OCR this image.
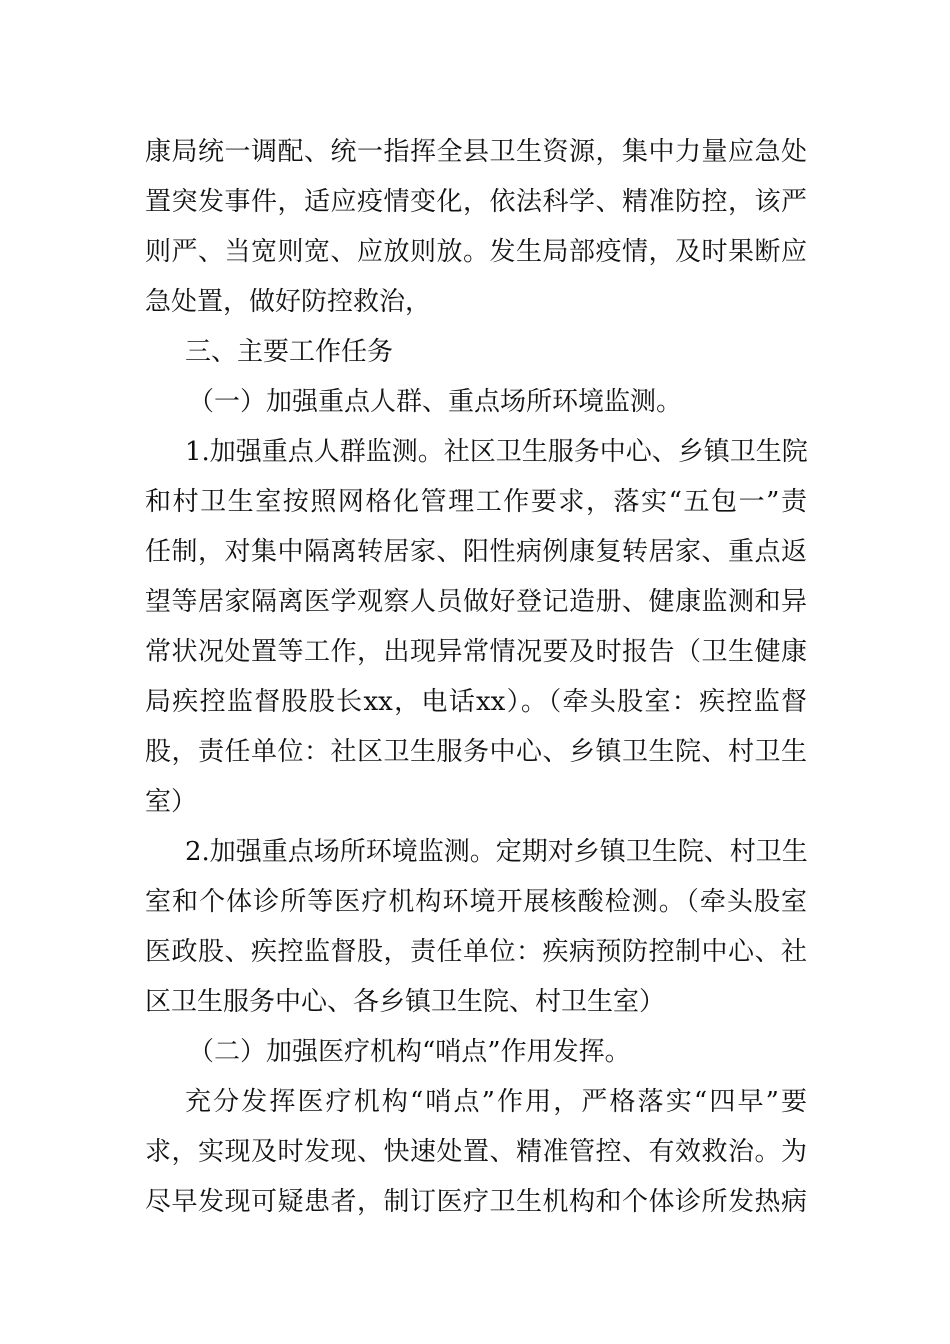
康局统一调配、统一指挥全县卫生资源，集中力量应急处
置突发事件，适应疫情变化，依法科学、精准防控，该严
则严、当宽则宽、应放则放。发生局部疫情，及时果断应
急处置，做好防控救治，
三、主要工作任务
（一）加强重点人群、重点场所环境监测。
1.加强重点人群监测。社区卫生服务中心、乡镇卫生院
和村卫生室按照网格化管理工作要求，落实“五包一”责
任制，对集中隔离转居家、阳性病例康复转居家、重点返
望等居家隔离医学观察人员做好登记造册、健康监测和异
常状况处置等工作，出现异常情况要及时报告（卫生健康
局疾控监督股股长xx，电话xx）。（牵头股室：疾控监督
股，责任单位：社区卫生服务中心、乡镇卫生院、村卫生
室）
2.加强重点场所环境监测。定期对乡镇卫生院、村卫生
室和个体诊所等医疗机构环境开展核酸检测。（牵头股室
医政股、疾控监督股，责任单位：疾病预防控制中心、社
区卫生服务中心、各乡镇卫生院、村卫生室）
（二）加强医疗机构“哨点”作用发挥。
充分发挥医疗机构“哨点”作用，严格落实“四早”要
求，实现及时发现、快速处置、精准管控、有效救治。为
尽早发现可疑患者，制订医疗卫生机构和个体诊所发热病
